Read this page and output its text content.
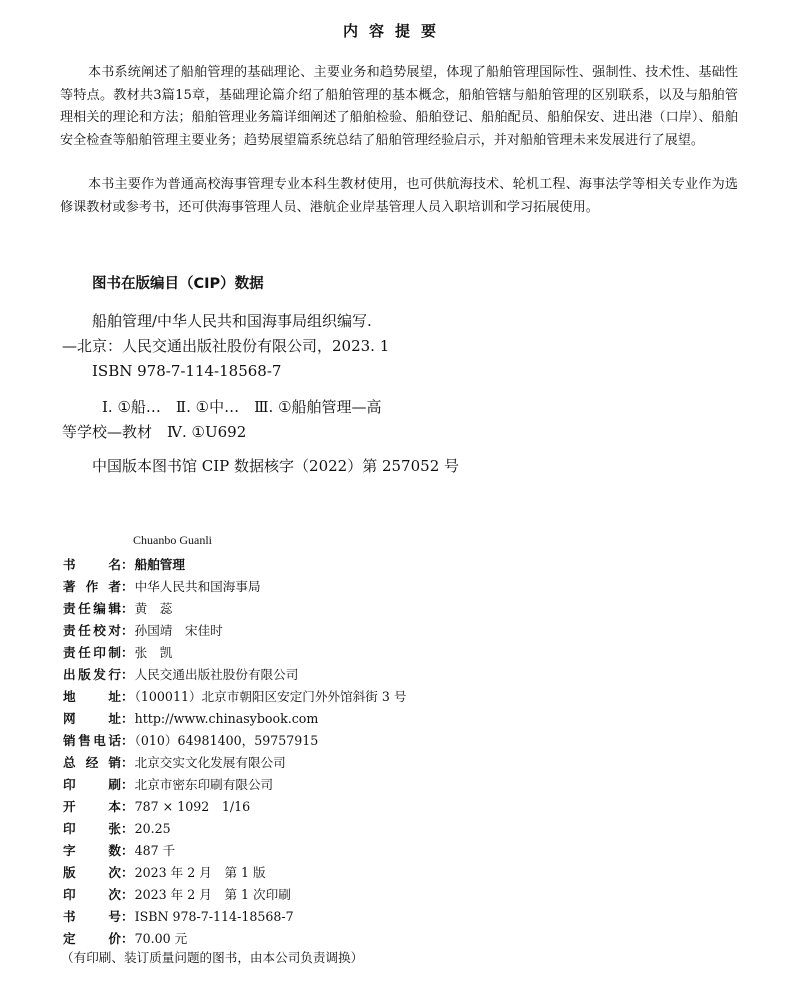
内容提要

本书系统阐述了船舶管理的基础理论、主要业务和趋势展望，体现了船舶管理国际性、强制性、技术性、基础性等特点。教材共3篇15章，基础理论篇介绍了船舶管理的基本概念，船舶管辖与船舶管理的区别联系，以及与船舶管理相关的理论和方法；船舶管理业务篇详细阐述了船舶检验、船舶登记、船舶配员、船舶保安、进出港（口岸）、船舶安全检查等船舶管理主要业务；趋势展望篇系统总结了船舶管理经验启示，并对船舶管理未来发展进行了展望。

本书主要作为普通高校海事管理专业本科生教材使用，也可供航海技术、轮机工程、海事法学等相关专业作为选修课教材或参考书，还可供海事管理人员、港航企业岸基管理人员入职培训和学习拓展使用。

图书在版编目（CIP）数据
船舶管理/中华人民共和国海事局组织编写.
—北京：人民交通出版社股份有限公司，2023. 1
ISBN 978-7-114-18568-7
Ⅰ. ①船…　Ⅱ. ①中…　Ⅲ. ①船舶管理—高
等学校—教材　Ⅳ. ①U692
中国版本图书馆 CIP 数据核字（2022）第 257052 号
Chuanbo Guanli
书名：船舶管理
著作者：中华人民共和国海事局
责任编辑：黄　蕊
责任校对：孙国靖　宋佳时
责任印制：张　凯
出版发行：人民交通出版社股份有限公司
地址：（100011）北京市朝阳区安定门外外馆斜街 3 号
网址：http://www.chinasybook.com
销售电话：（010）64981400，59757915
总经销：北京交实文化发展有限公司
印刷：北京市密东印刷有限公司
开本：787 × 1092　1/16
印张：20.25
字数：487 千
版次：2023 年 2 月　第 1 版
印次：2023 年 2 月　第 1 次印刷
书号：ISBN 978-7-114-18568-7
定价：70.00 元
（有印刷、装订质量问题的图书，由本公司负责调换）
